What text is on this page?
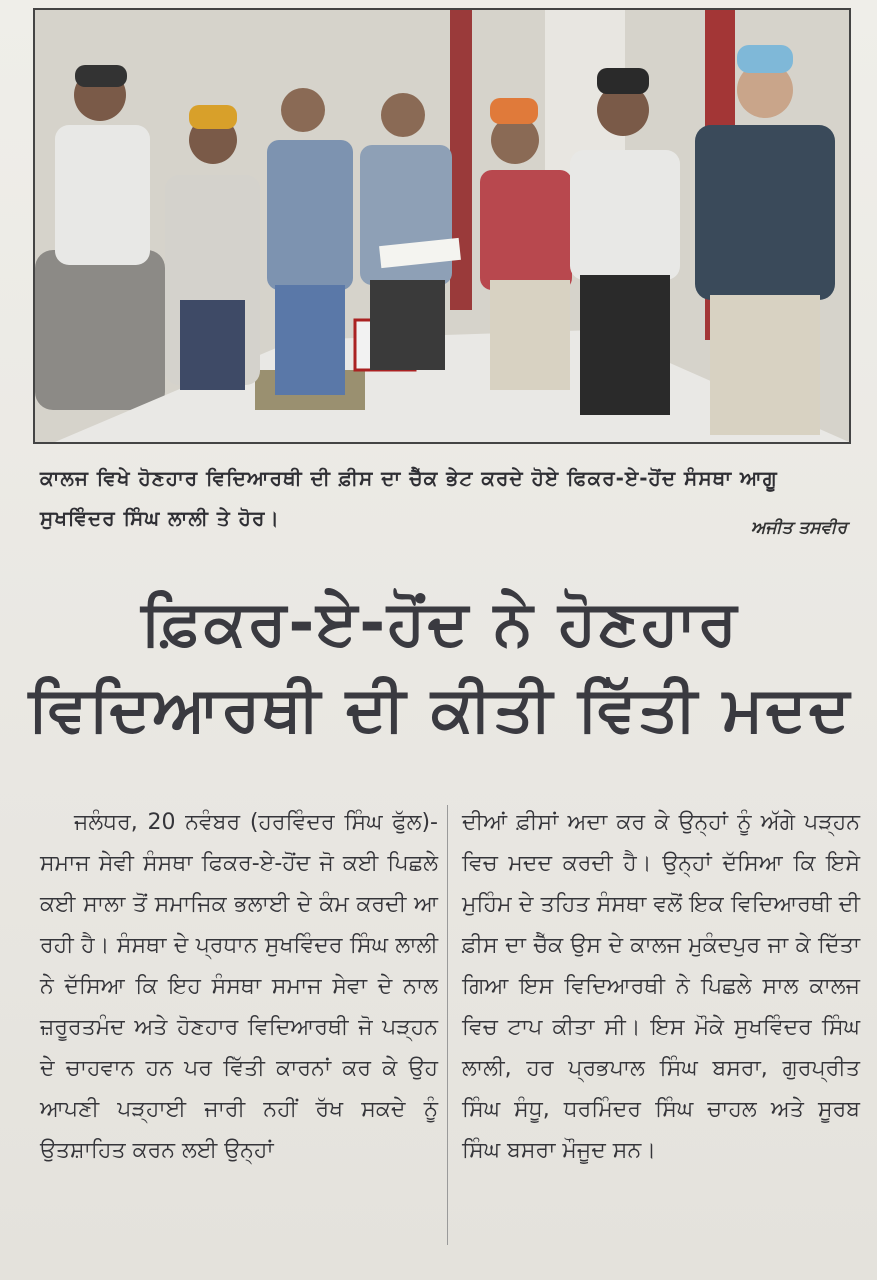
ਕਾਲਜ ਵਿਖੇ ਹੋਣਹਾਰ ਵਿਦਿਆਰਥੀ ਦੀ ਫ਼ੀਸ ਦਾ ਚੈੱਕ ਭੇਟ ਕਰਦੇ ਹੋਏ ਫਿਕਰ-ਏ-ਹੋਂਦ ਸੰਸਥਾ ਆਗੂ ਸੁਖਵਿੰਦਰ ਸਿੰਘ ਲਾਲੀ ਤੇ ਹੋਰ।	ਅਜੀਤ ਤਸਵੀਰ
ਫ਼ਿਕਰ-ਏ-ਹੋਂਦ ਨੇ ਹੋਣਹਾਰ
ਵਿਦਿਆਰਥੀ ਦੀ ਕੀਤੀ ਵਿੱਤੀ ਮਦਦ
ਜਲੰਧਰ, 20 ਨਵੰਬਰ (ਹਰਵਿੰਦਰ ਸਿੰਘ ਫੁੱਲ)-ਸਮਾਜ ਸੇਵੀ ਸੰਸਥਾ ਫਿਕਰ-ਏ-ਹੋਂਦ ਜੋ ਕਈ ਪਿਛਲੇ ਕਈ ਸਾਲਾ ਤੋਂ ਸਮਾਜਿਕ ਭਲਾਈ ਦੇ ਕੰਮ ਕਰਦੀ ਆ ਰਹੀ ਹੈ। ਸੰਸਥਾ ਦੇ ਪ੍ਰਧਾਨ ਸੁਖਵਿੰਦਰ ਸਿੰਘ ਲਾਲੀ ਨੇ ਦੱਸਿਆ ਕਿ ਇਹ ਸੰਸਥਾ ਸਮਾਜ ਸੇਵਾ ਦੇ ਨਾਲ ਜ਼ਰੂਰਤਮੰਦ ਅਤੇ ਹੋਣਹਾਰ ਵਿਦਿਆਰਥੀ ਜੋ ਪੜ੍ਹਨ ਦੇ ਚਾਹਵਾਨ ਹਨ ਪਰ ਵਿੱਤੀ ਕਾਰਨਾਂ ਕਰ ਕੇ ਉਹ ਆਪਣੀ ਪੜ੍ਹਾਈ ਜਾਰੀ ਨਹੀਂ ਰੱਖ ਸਕਦੇ ਨੂੰ ਉਤਸ਼ਾਹਿਤ ਕਰਨ ਲਈ ਉਨ੍ਹਾਂ
ਦੀਆਂ ਫ਼ੀਸਾਂ ਅਦਾ ਕਰ ਕੇ ਉਨ੍ਹਾਂ ਨੂੰ ਅੱਗੇ ਪੜ੍ਹਨ ਵਿਚ ਮਦਦ ਕਰਦੀ ਹੈ। ਉਨ੍ਹਾਂ ਦੱਸਿਆ ਕਿ ਇਸੇ ਮੁਹਿੰਮ ਦੇ ਤਹਿਤ ਸੰਸਥਾ ਵਲੋਂ ਇਕ ਵਿਦਿਆਰਥੀ ਦੀ ਫ਼ੀਸ ਦਾ ਚੈੱਕ ਉਸ ਦੇ ਕਾਲਜ ਮੁਕੰਦਪੁਰ ਜਾ ਕੇ ਦਿੱਤਾ ਗਿਆ ਇਸ ਵਿਦਿਆਰਥੀ ਨੇ ਪਿਛਲੇ ਸਾਲ ਕਾਲਜ ਵਿਚ ਟਾਪ ਕੀਤਾ ਸੀ। ਇਸ ਮੌਕੇ ਸੁਖਵਿੰਦਰ ਸਿੰਘ ਲਾਲੀ, ਹਰ ਪ੍ਰਭਪਾਲ ਸਿੰਘ ਬਸਰਾ, ਗੁਰਪ੍ਰੀਤ ਸਿੰਘ ਸੰਧੂ, ਧਰਮਿੰਦਰ ਸਿੰਘ ਚਾਹਲ ਅਤੇ ਸੂਰਬ ਸਿੰਘ ਬਸਰਾ ਮੌਜੂਦ ਸਨ।
